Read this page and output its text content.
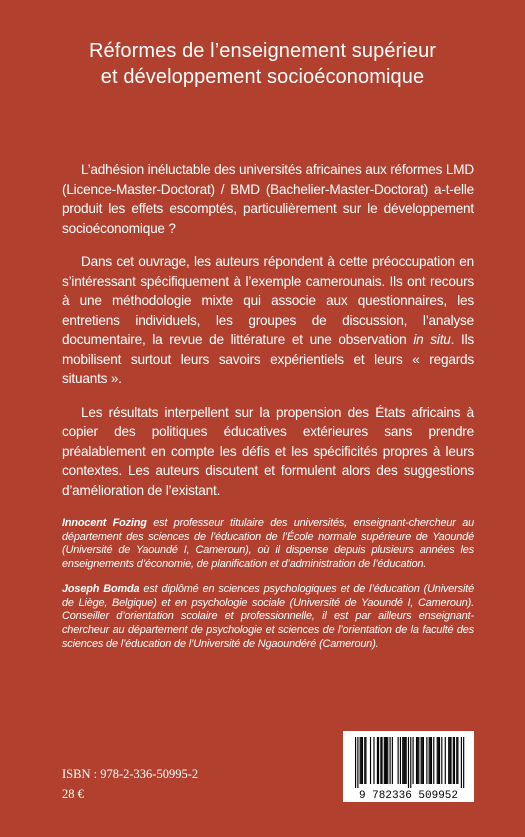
Réformes de l’enseignement supérieur
et développement socioéconomique

L’adhésion inéluctable des universités africaines aux réformes LMD (Licence-Master-Doctorat) / BMD (Bachelier-Master-Doctorat) a-t-elle produit les effets escomptés, particulièrement sur le développement socioéconomique ?

Dans cet ouvrage, les auteurs répondent à cette préoccupation en s’intéressant spécifiquement à l’exemple camerounais. Ils ont recours à une méthodologie mixte qui associe aux questionnaires, les entretiens individuels, les groupes de discussion, l’analyse documentaire, la revue de littérature et une observation in situ. Ils mobilisent surtout leurs savoirs expérientiels et leurs « regards situants ».

Les résultats interpellent sur la propension des États africains à copier des politiques éducatives extérieures sans prendre préalablement en compte les défis et les spécificités propres à leurs contextes. Les auteurs discutent et formulent alors des suggestions d’amélioration de l’existant.

Innocent Fozing est professeur titulaire des universités, enseignant-chercheur au département des sciences de l’éducation de l’École normale supérieure de Yaoundé (Université de Yaoundé I, Cameroun), où il dispense depuis plusieurs années les enseignements d’économie, de planification et d’administration de l’éducation.

Joseph Bomda est diplômé en sciences psychologiques et de l’éducation (Université de Liège, Belgique) et en psychologie sociale (Université de Yaoundé I, Cameroun). Conseiller d’orientation scolaire et professionnelle, il est par ailleurs enseignant-chercheur au département de psychologie et sciences de l’orientation de la faculté des sciences de l’éducation de l’Université de Ngaoundéré (Cameroun).

ISBN : 978-2-336-50995-2
28 €	9 782336 509952
